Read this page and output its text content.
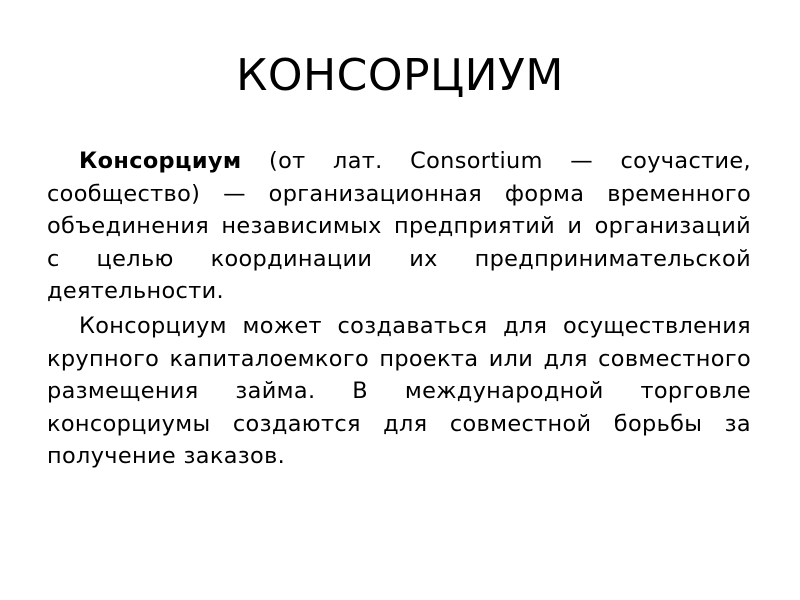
КОНСОРЦИУМ

Консорциум (от лат. Consortium — соучастие, сообщество) — организационная форма временного объединения независимых предприятий и организаций с целью координации их предпринимательской деятельности.

Консорциум может создаваться для осуществления крупного капиталоемкого проекта или для совместного размещения займа. В международной торговле консорциумы создаются для совместной борьбы за получение заказов.
